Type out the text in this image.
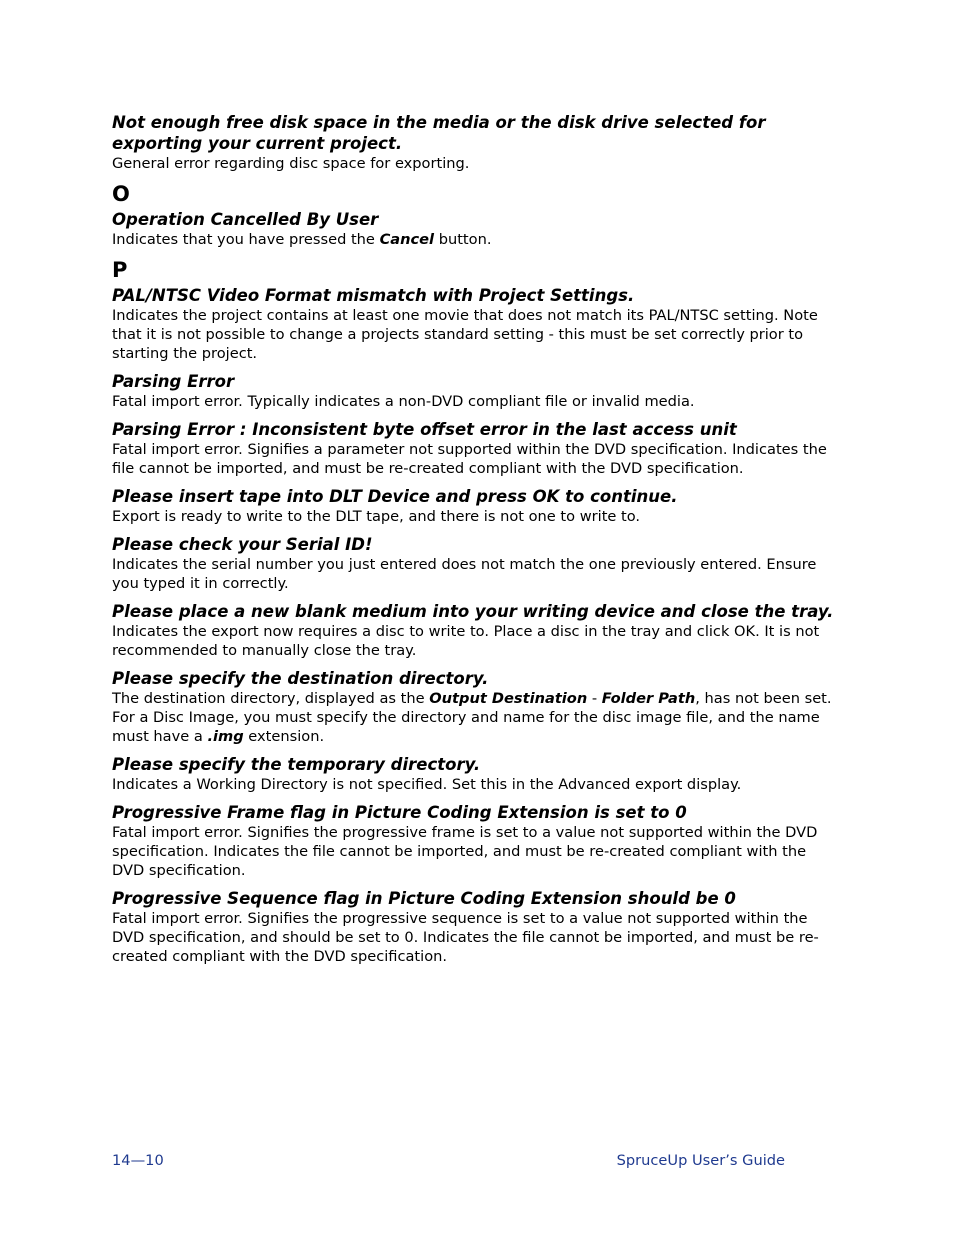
Not enough free disk space in the media or the disk drive selected for exporting your current project.

General error regarding disc space for exporting.

O

Operation Cancelled By User

Indicates that you have pressed the Cancel button.

P

PAL/NTSC Video Format mismatch with Project Settings.

Indicates the project contains at least one movie that does not match its PAL/NTSC setting. Note that it is not possible to change a projects standard setting - this must be set correctly prior to starting the project.

Parsing Error

Fatal import error. Typically indicates a non-DVD compliant file or invalid media.

Parsing Error : Inconsistent byte offset error in the last access unit

Fatal import error. Signifies a parameter not supported within the DVD specification. Indicates the file cannot be imported, and must be re-created compliant with the DVD specification.

Please insert tape into DLT Device and press OK to continue.

Export is ready to write to the DLT tape, and there is not one to write to.

Please check your Serial ID!

Indicates the serial number you just entered does not match the one previously entered. Ensure you typed it in correctly.

Please place a new blank medium into your writing device and close the tray.

Indicates the export now requires a disc to write to. Place a disc in the tray and click OK. It is not recommended to manually close the tray.

Please specify the destination directory.

The destination directory, displayed as the Output Destination - Folder Path, has not been set. For a Disc Image, you must specify the directory and name for the disc image file, and the name must have a .img extension.

Please specify the temporary directory.

Indicates a Working Directory is not specified. Set this in the Advanced export display.

Progressive Frame flag in Picture Coding Extension is set to 0

Fatal import error. Signifies the progressive frame is set to a value not supported within the DVD specification. Indicates the file cannot be imported, and must be re-created compliant with the DVD specification.

Progressive Sequence flag in Picture Coding Extension should be 0

Fatal import error. Signifies the progressive sequence is set to a value not supported within the DVD specification, and should be set to 0. Indicates the file cannot be imported, and must be re-created compliant with the DVD specification.

14—10	SpruceUp User’s Guide
